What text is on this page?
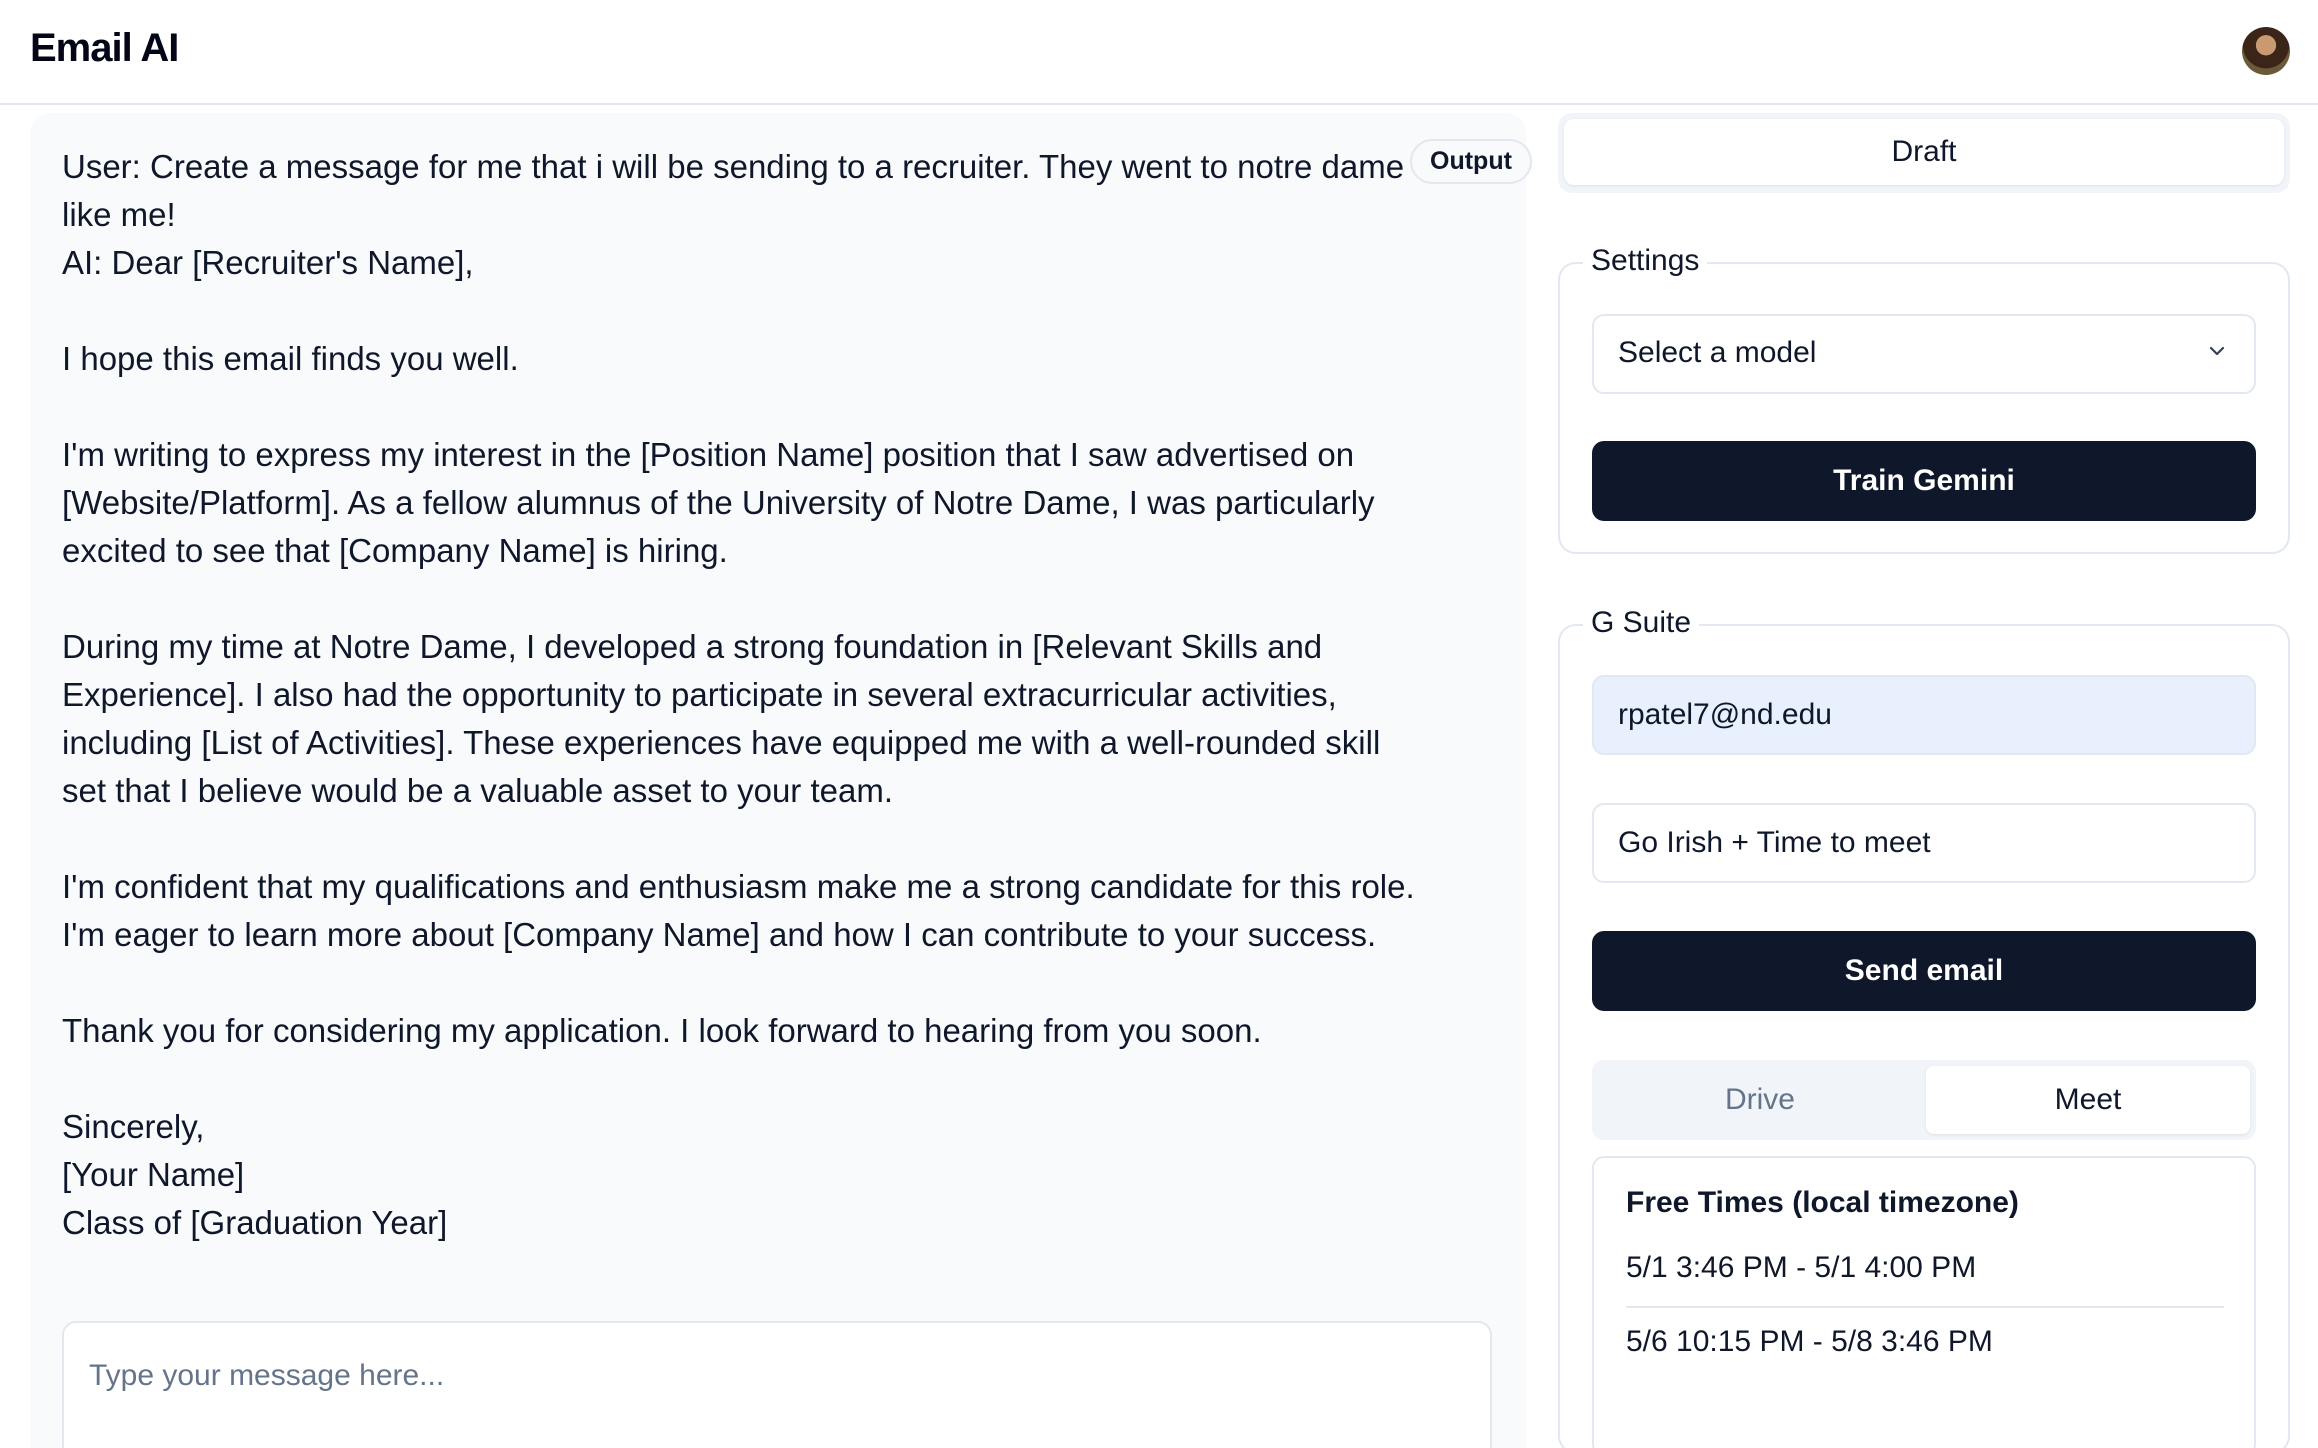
Email AI
User: Create a message for me that i will be sending to a recruiter. They went to notre dame
like me!
AI: Dear [Recruiter's Name],

I hope this email finds you well.

I'm writing to express my interest in the [Position Name] position that I saw advertised on
[Website/Platform]. As a fellow alumnus of the University of Notre Dame, I was particularly
excited to see that [Company Name] is hiring.

During my time at Notre Dame, I developed a strong foundation in [Relevant Skills and
Experience]. I also had the opportunity to participate in several extracurricular activities,
including [List of Activities]. These experiences have equipped me with a well-rounded skill
set that I believe would be a valuable asset to your team.

I'm confident that my qualifications and enthusiasm make me a strong candidate for this role.
I'm eager to learn more about [Company Name] and how I can contribute to your success.

Thank you for considering my application. I look forward to hearing from you soon.

Sincerely,
[Your Name]
Class of [Graduation Year]
Output
Type your message here...
Draft
Settings
Select a model
Train Gemini
G Suite
rpatel7@nd.edu
Go Irish + Time to meet
Send email
Drive	Meet
Free Times (local timezone)
5/1 3:46 PM - 5/1 4:00 PM
5/6 10:15 PM - 5/8 3:46 PM
